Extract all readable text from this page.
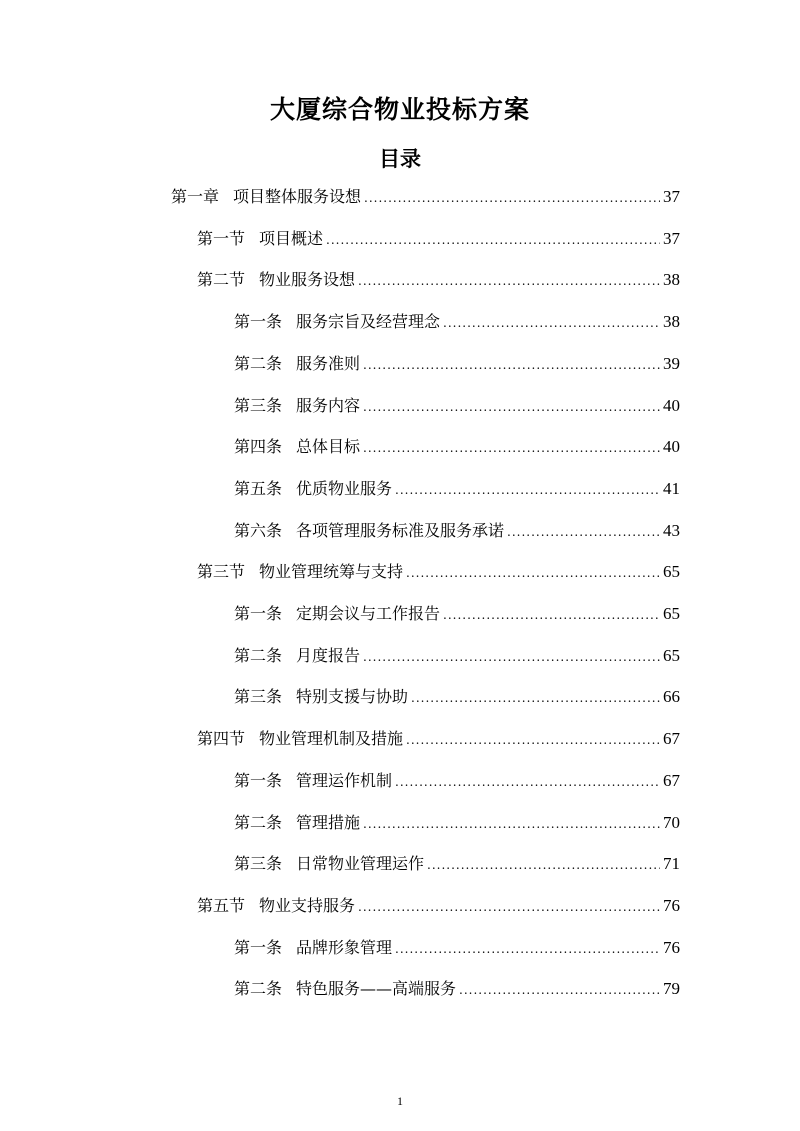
大厦综合物业投标方案
目录
第一章 项目整体服务设想 .....	37
第一节 项目概述 .....	37
第二节 物业服务设想 .....	38
第一条 服务宗旨及经营理念 .....	38
第二条 服务准则 .....	39
第三条 服务内容 .....	40
第四条 总体目标 .....	40
第五条 优质物业服务 .....	41
第六条 各项管理服务标准及服务承诺 .....	43
第三节 物业管理统筹与支持 .....	65
第一条 定期会议与工作报告 .....	65
第二条 月度报告 .....	65
第三条 特别支援与协助 .....	66
第四节 物业管理机制及措施 .....	67
第一条 管理运作机制 .....	67
第二条 管理措施 .....	70
第三条 日常物业管理运作 .....	71
第五节 物业支持服务 .....	76
第一条 品牌形象管理 .....	76
第二条 特色服务——高端服务 .....	79
1
